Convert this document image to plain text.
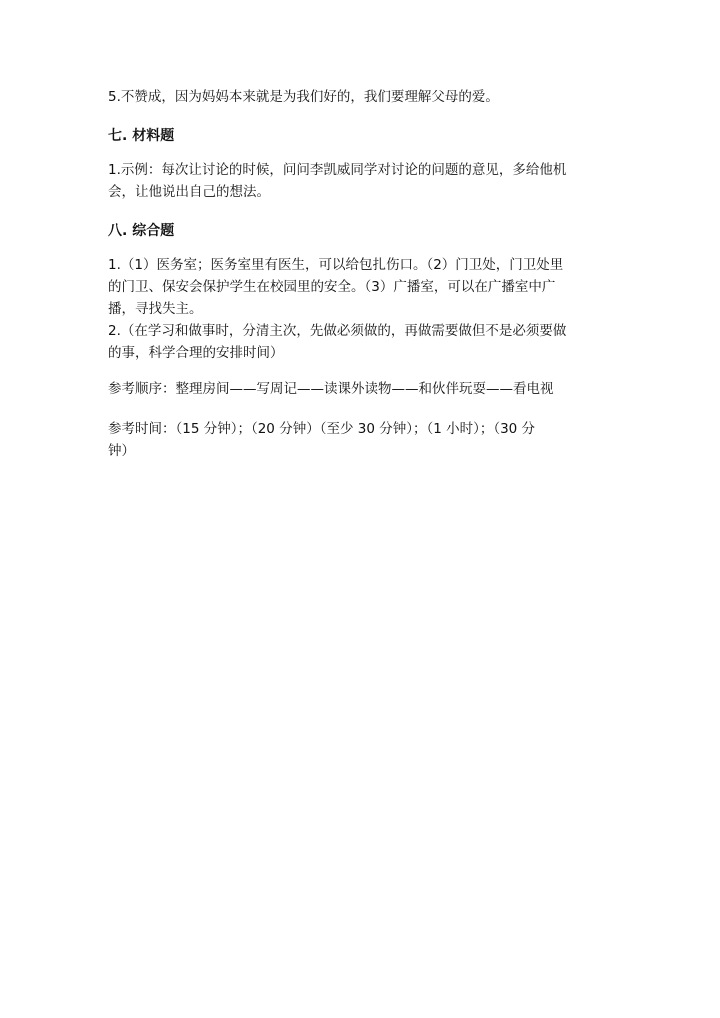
5.不赞成，因为妈妈本来就是为我们好的，我们要理解父母的爱。

七. 材料题

1.示例：每次让讨论的时候，问问李凯威同学对讨论的问题的意见，多给他机

会，让他说出自己的想法。

八. 综合题

1.（1）医务室；医务室里有医生，可以给包扎伤口。（2）门卫处，门卫处里

的门卫、保安会保护学生在校园里的安全。（3）广播室，可以在广播室中广

播，寻找失主。

2.（在学习和做事时，分清主次，先做必须做的，再做需要做但不是必须要做

的事，科学合理的安排时间）

参考顺序：整理房间——写周记——读课外读物——和伙伴玩耍——看电视

参考时间：（15 分钟）；（20 分钟）（至少 30 分钟）；（1 小时）；（30 分

钟）
